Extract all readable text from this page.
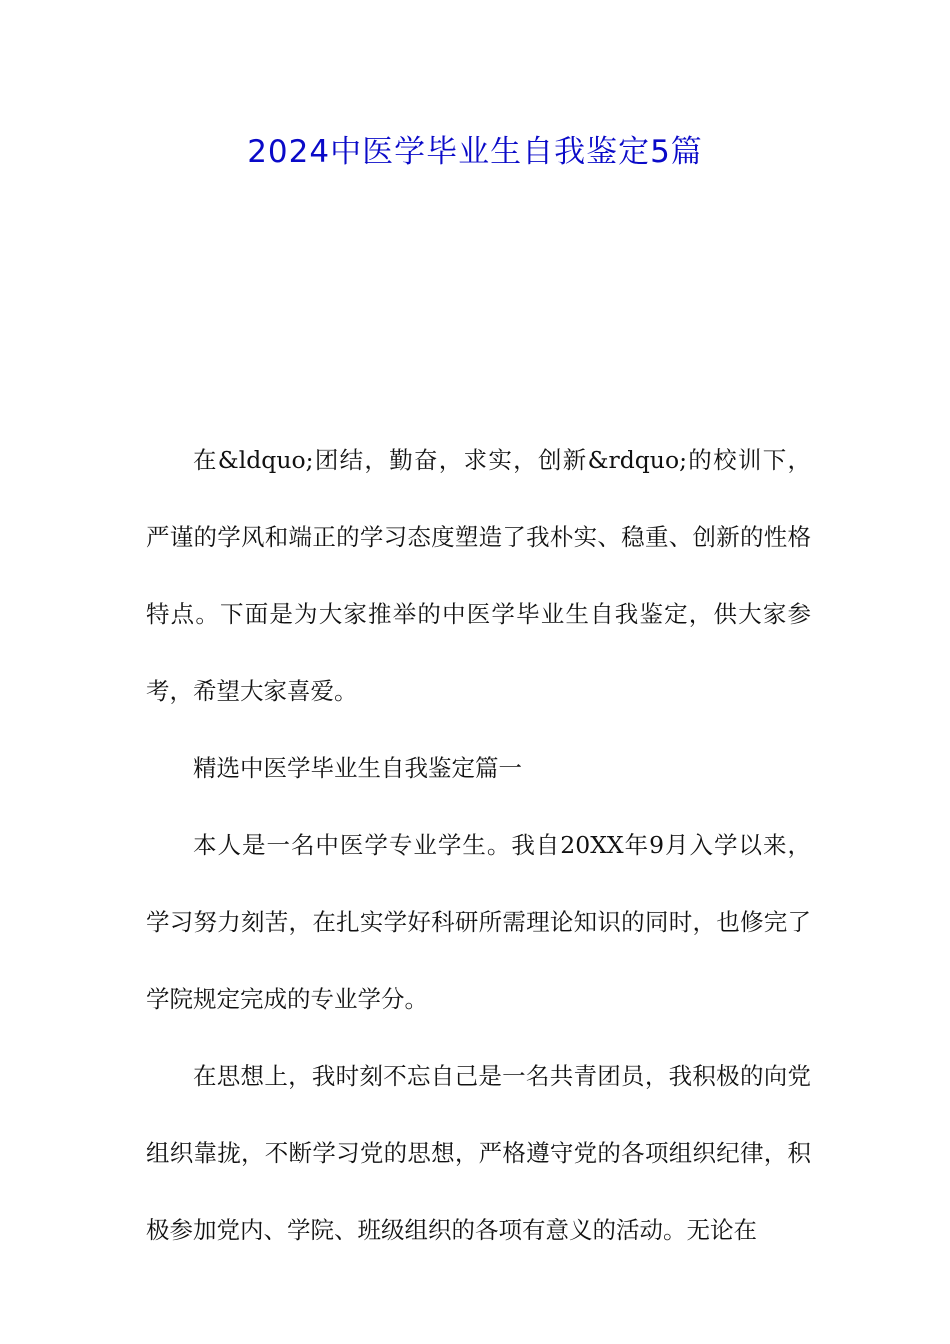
2024中医学毕业生自我鉴定5篇

在&ldquo;团结，勤奋，求实，创新&rdquo;的校训下，严谨的学风和端正的学习态度塑造了我朴实、稳重、创新的性格特点。下面是为大家推举的中医学毕业生自我鉴定，供大家参考，希望大家喜爱。

精选中医学毕业生自我鉴定篇一

本人是一名中医学专业学生。我自20XX年9月入学以来，学习努力刻苦，在扎实学好科研所需理论知识的同时，也修完了学院规定完成的专业学分。

在思想上，我时刻不忘自己是一名共青团员，我积极的向党组织靠拢，不断学习党的思想，严格遵守党的各项组织纪律，积极参加党内、学院、班级组织的各项有意义的活动。无论在
